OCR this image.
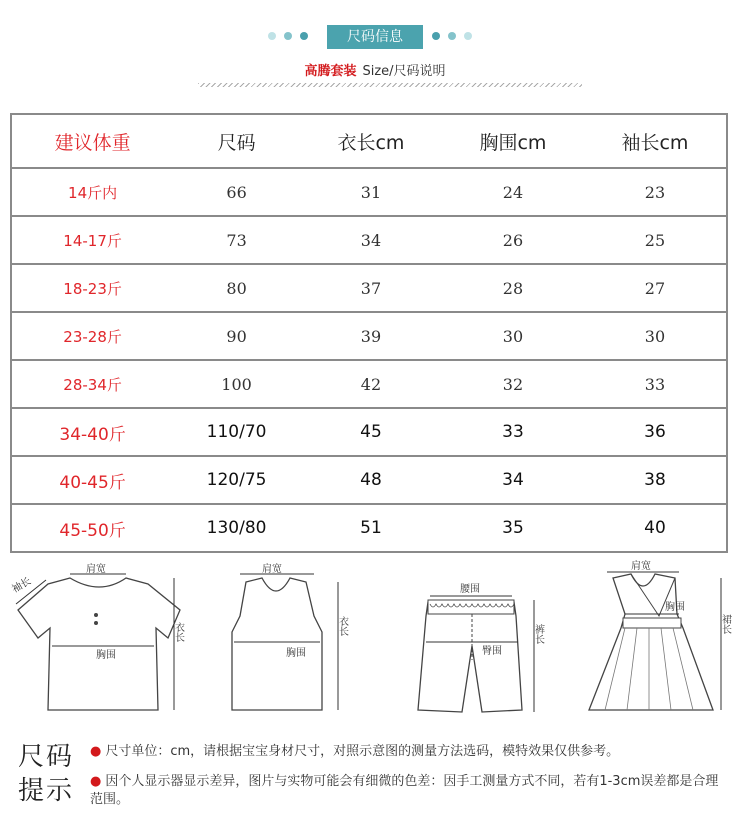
尺码信息
高腾套装 Size/尺码说明
建议体重	尺码	衣长cm	胸围cm	袖长cm
14斤内	66	31	24	23
14-17斤	73	34	26	25
18-23斤	80	37	28	27
23-28斤	90	39	30	30
28-34斤	100	42	32	33
34-40斤	110/70	45	33	36
40-45斤	120/75	48	34	38
45-50斤	130/80	51	35	40
肩宽
袖长
胸围
衣长
肩宽
胸围
衣长
腰围
臀围
裤长
肩宽
胸围
裙长
尺码
提示
● 尺寸单位：cm，请根据宝宝身材尺寸，对照示意图的测量方法选码，模特效果仅供参考。
● 因个人显示器显示差异，图片与实物可能会有细微的色差：因手工测量方式不同，若有1-3cm误差都是合理范围。
